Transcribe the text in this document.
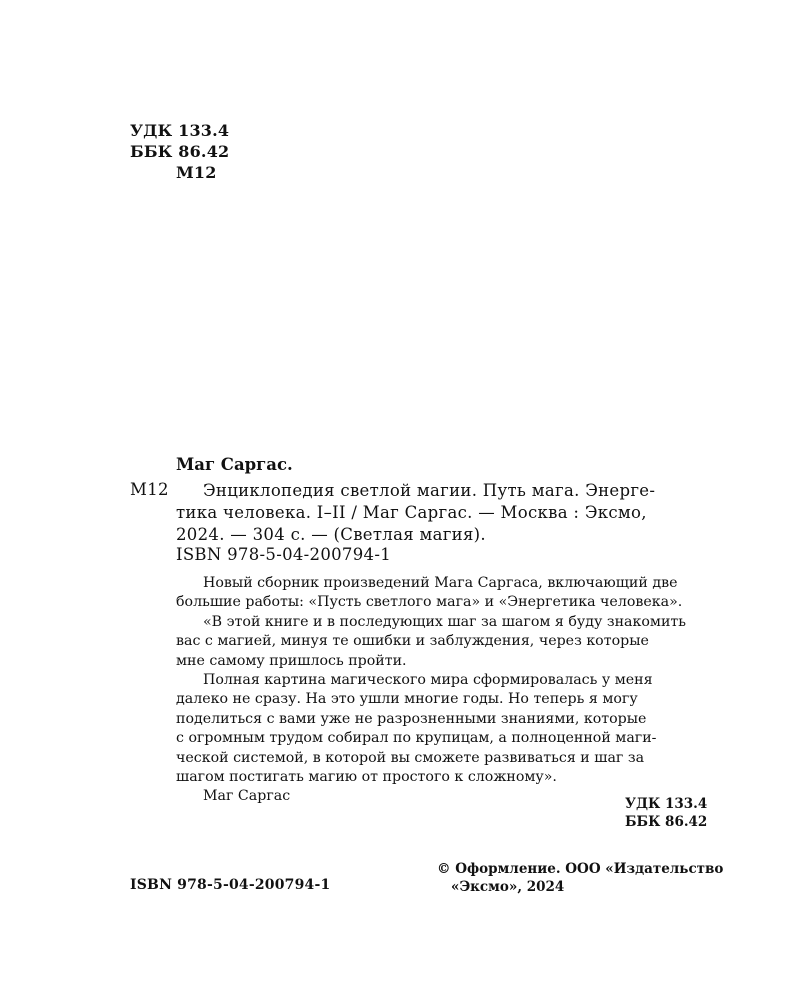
УДК 133.4
ББК 86.42
М12
Маг Саргас.
М12 Энциклопедия светлой магии. Путь мага. Энерге-
тика человека. I–II / Маг Саргас. — Москва : Эксмо,
2024. — 304 с. — (Светлая магия).
ISBN 978-5-04-200794-1
Новый сборник произведений Мага Саргаса, включающий две
большие работы: «Пусть светлого мага» и «Энергетика человека».
«В этой книге и в последующих шаг за шагом я буду знакомить
вас с магией, минуя те ошибки и заблуждения, через которые
мне самому пришлось пройти.
Полная картина магического мира сформировалась у меня
далеко не сразу. На это ушли многие годы. Но теперь я могу
поделиться с вами уже не разрозненными знаниями, которые
с огромным трудом собирал по крупицам, а полноценной маги-
ческой системой, в которой вы сможете развиваться и шаг за
шагом постигать магию от простого к сложному».
Маг Саргас	УДК 133.4
ББК 86.42
© Оформление. ООО «Издательство
«Эксмо», 2024
ISBN 978-5-04-200794-1
